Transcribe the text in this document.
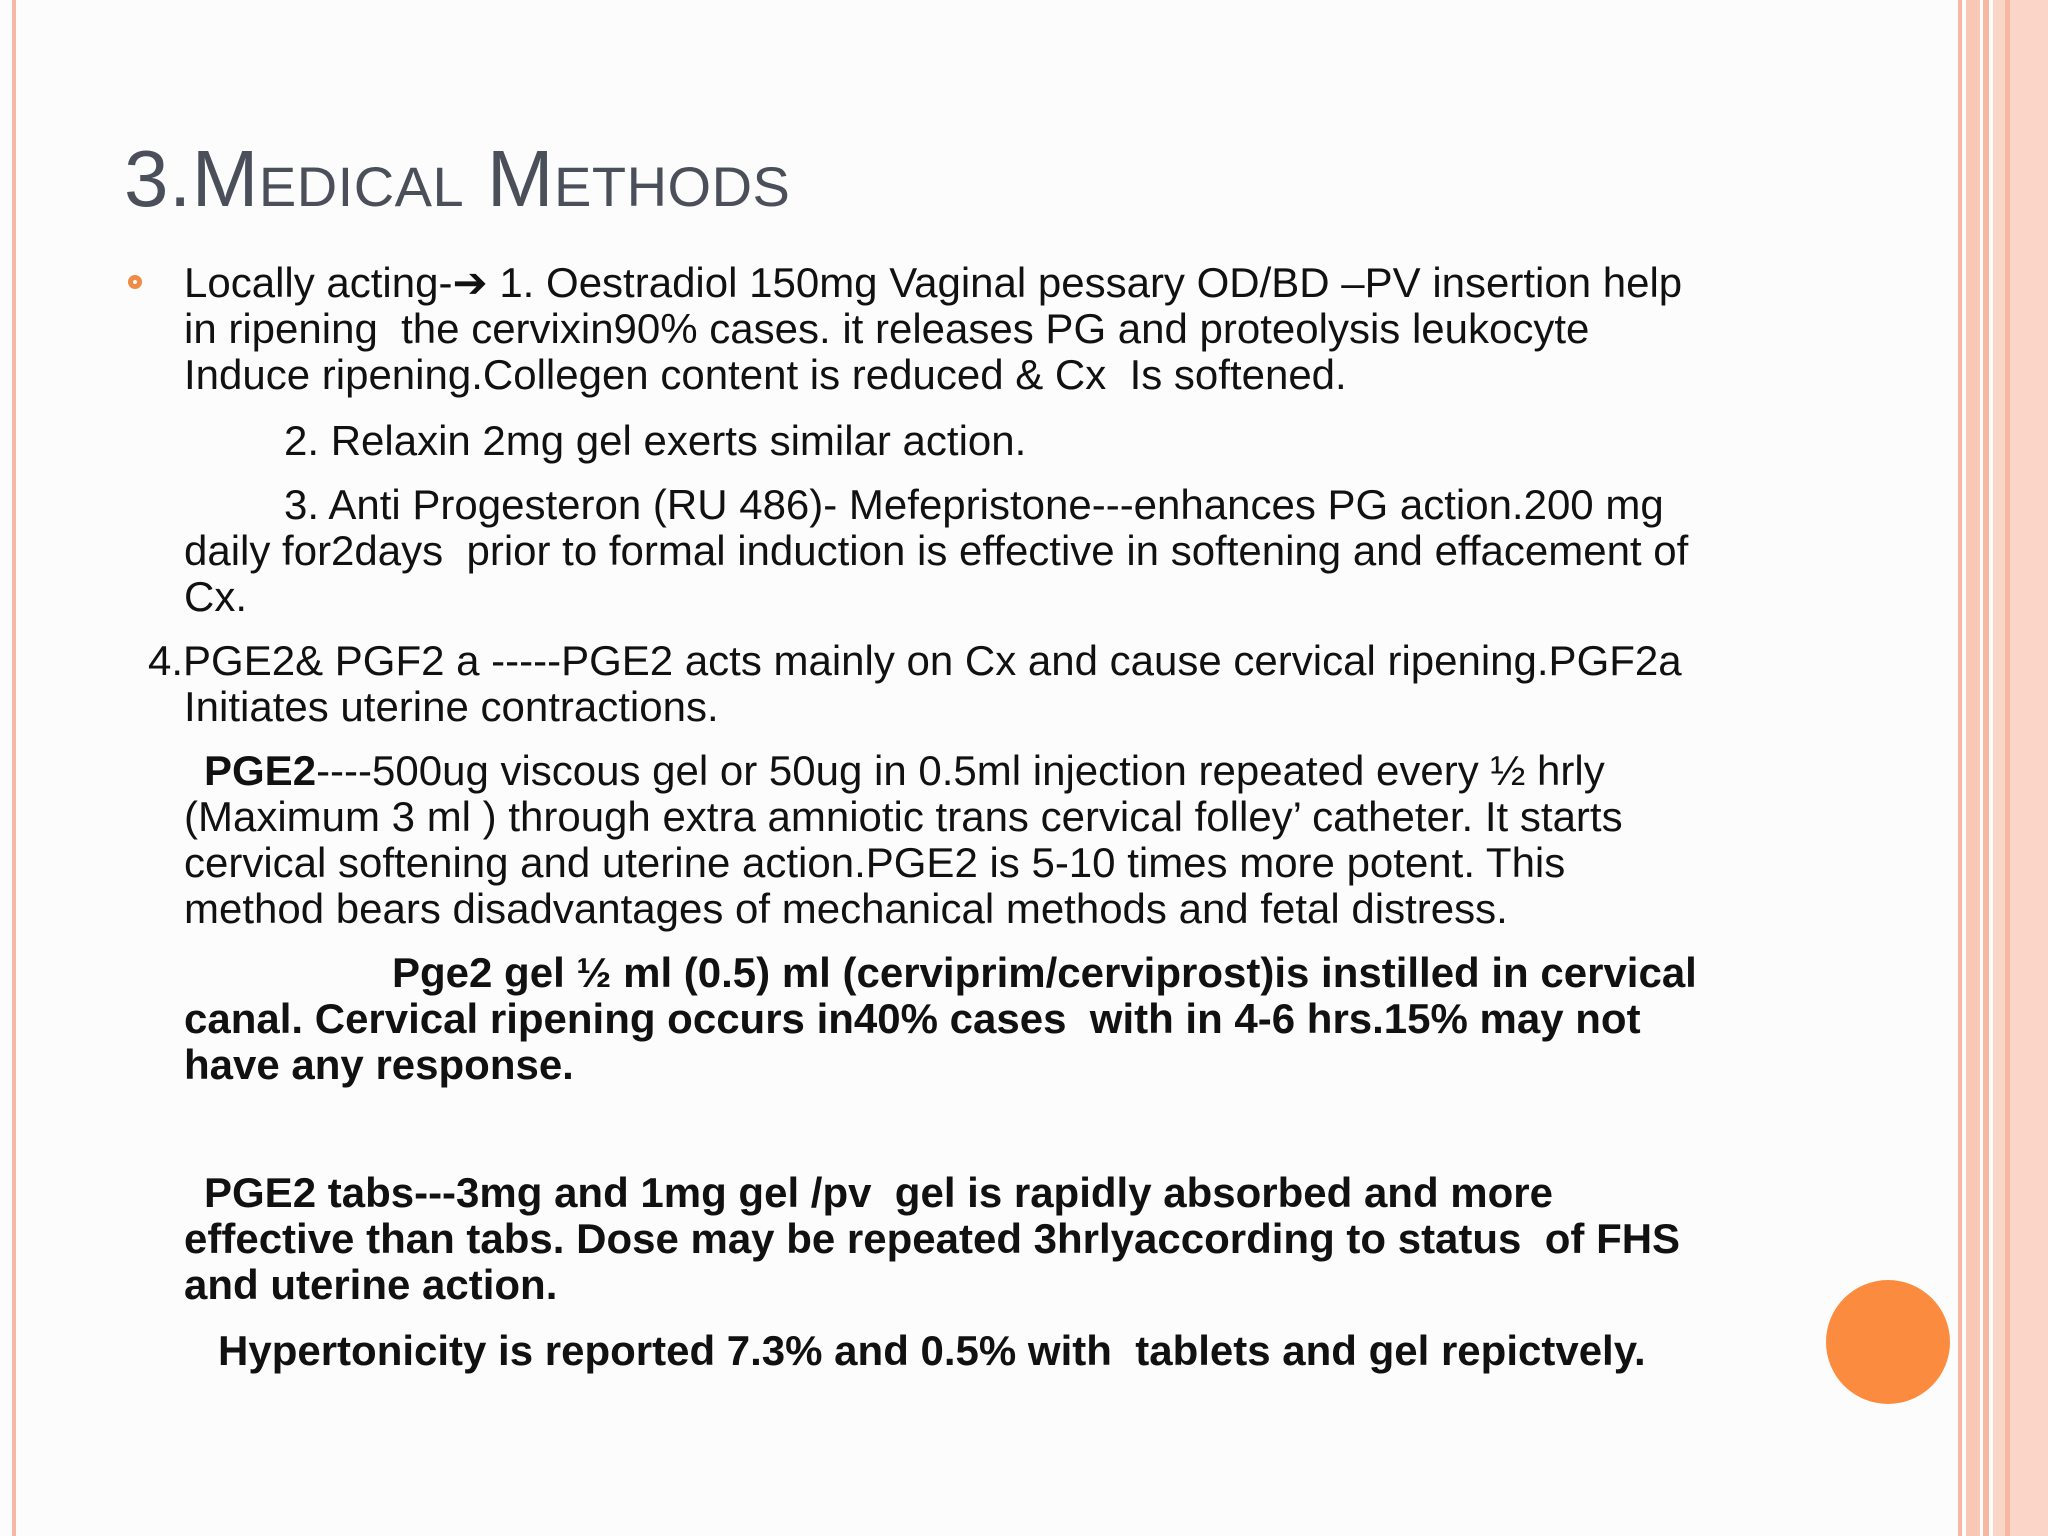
3.Medical Methods

Locally acting-➔ 1. Oestradiol 150mg Vaginal pessary OD/BD –PV insertion help
in ripening  the cervixin90% cases. it releases PG and proteolysis leukocyte
Induce ripening.Collegen content is reduced & Cx  Is softened.

2. Relaxin 2mg gel exerts similar action.

3. Anti Progesteron (RU 486)- Mefepristone---enhances PG action.200 mg
daily for2days  prior to formal induction is effective in softening and effacement of
Cx.

4.PGE2& PGF2 a -----PGE2 acts mainly on Cx and cause cervical ripening.PGF2a
Initiates uterine contractions.

PGE2----500ug viscous gel or 50ug in 0.5ml injection repeated every ½ hrly
(Maximum 3 ml ) through extra amniotic trans cervical folley’ catheter. It starts
cervical softening and uterine action.PGE2 is 5-10 times more potent. This
method bears disadvantages of mechanical methods and fetal distress.

Pge2 gel ½ ml (0.5) ml (cerviprim/cerviprost)is instilled in cervical
canal. Cervical ripening occurs in40% cases  with in 4-6 hrs.15% may not
have any response.

PGE2 tabs---3mg and 1mg gel /pv  gel is rapidly absorbed and more
effective than tabs. Dose may be repeated 3hrlyaccording to status  of FHS
and uterine action.

Hypertonicity is reported 7.3% and 0.5% with  tablets and gel repictvely.
